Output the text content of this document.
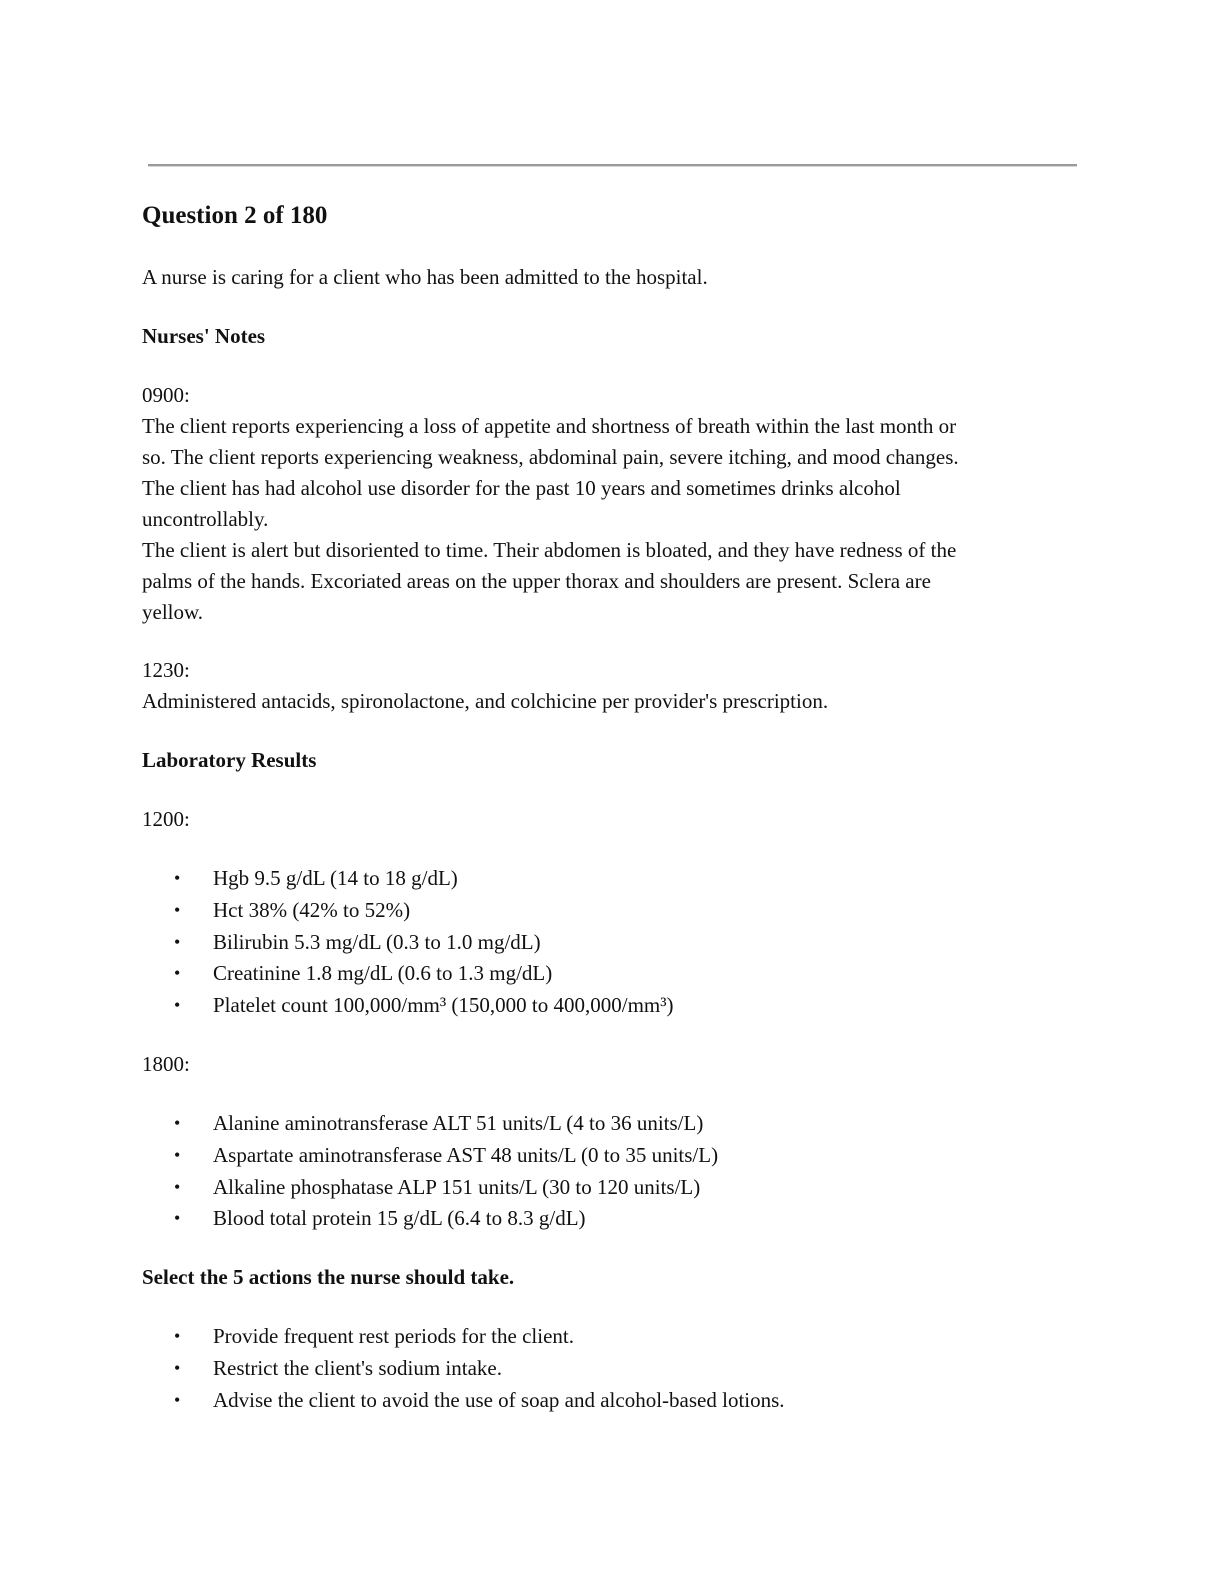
Question 2 of 180

A nurse is caring for a client who has been admitted to the hospital.

Nurses' Notes

0900:

The client reports experiencing a loss of appetite and shortness of breath within the last month or
so. The client reports experiencing weakness, abdominal pain, severe itching, and mood changes.
The client has had alcohol use disorder for the past 10 years and sometimes drinks alcohol
uncontrollably.
The client is alert but disoriented to time. Their abdomen is bloated, and they have redness of the
palms of the hands. Excoriated areas on the upper thorax and shoulders are present. Sclera are
yellow.

1230:

Administered antacids, spironolactone, and colchicine per provider's prescription.

Laboratory Results

1200:

• Hgb 9.5 g/dL (14 to 18 g/dL)
• Hct 38% (42% to 52%)
• Bilirubin 5.3 mg/dL (0.3 to 1.0 mg/dL)
• Creatinine 1.8 mg/dL (0.6 to 1.3 mg/dL)
• Platelet count 100,000/mm³ (150,000 to 400,000/mm³)

1800:

• Alanine aminotransferase ALT 51 units/L (4 to 36 units/L)
• Aspartate aminotransferase AST 48 units/L (0 to 35 units/L)
• Alkaline phosphatase ALP 151 units/L (30 to 120 units/L)
• Blood total protein 15 g/dL (6.4 to 8.3 g/dL)

Select the 5 actions the nurse should take.

• Provide frequent rest periods for the client.
• Restrict the client's sodium intake.
• Advise the client to avoid the use of soap and alcohol-based lotions.
